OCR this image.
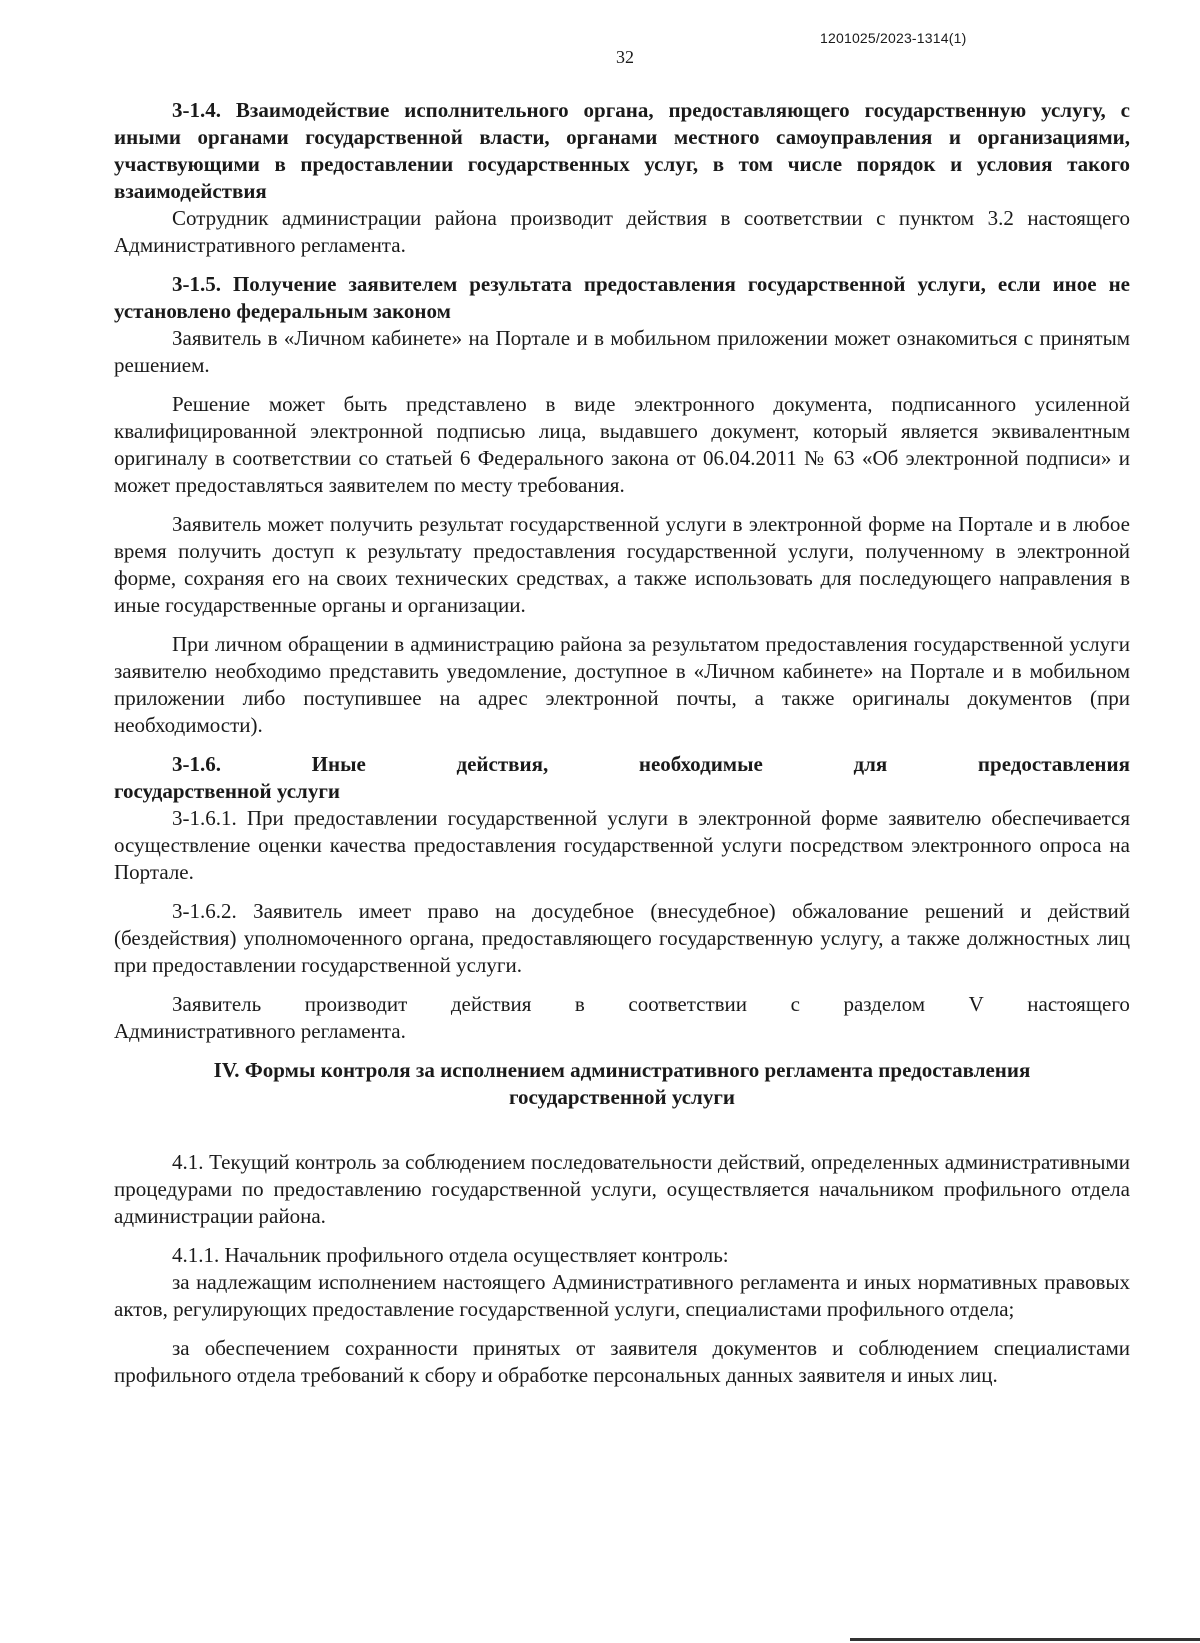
1201025/2023-1314(1)
32

3-1.4. Взаимодействие исполнительного органа, предоставляющего государственную услугу, с иными органами государственной власти, органами местного самоуправления и организациями, участвующими в предоставлении государственных услуг, в том числе порядок и условия такого взаимодействия

Сотрудник администрации района производит действия в соответствии с пунктом 3.2 настоящего Административного регламента.

3-1.5. Получение заявителем результата предоставления государственной услуги, если иное не установлено федеральным законом

Заявитель в «Личном кабинете» на Портале и в мобильном приложении может ознакомиться с принятым решением.

Решение может быть представлено в виде электронного документа, подписанного усиленной квалифицированной электронной подписью лица, выдавшего документ, который является эквивалентным оригиналу в соответствии со статьей 6 Федерального закона от 06.04.2011 № 63 «Об электронной подписи» и может предоставляться заявителем по месту требования.

Заявитель может получить результат государственной услуги в электронной форме на Портале и в любое время получить доступ к результату предоставления государственной услуги, полученному в электронной форме, сохраняя его на своих технических средствах, а также использовать для последующего направления в иные государственные органы и организации.

При личном обращении в администрацию района за результатом предоставления государственной услуги заявителю необходимо представить уведомление, доступное в «Личном кабинете» на Портале и в мобильном приложении либо поступившее на адрес электронной почты, а также оригиналы документов (при необходимости).

3-1.6.	Иные	действия,	необходимые	для	предоставления

государственной услуги

3-1.6.1. При предоставлении государственной услуги в электронной форме заявителю обеспечивается осуществление оценки качества предоставления государственной услуги посредством электронного опроса на Портале.

3-1.6.2. Заявитель имеет право на досудебное (внесудебное) обжалование решений и действий (бездействия) уполномоченного органа, предоставляющего государственную услугу, а также должностных лиц при предоставлении государственной услуги.

Заявитель производит действия в соответствии с разделом V настоящего

Административного регламента.

IV. Формы контроля за исполнением административного регламента предоставления государственной услуги

4.1. Текущий контроль за соблюдением последовательности действий, определенных административными процедурами по предоставлению государственной услуги, осуществляется начальником профильного отдела администрации района.

4.1.1. Начальник профильного отдела осуществляет контроль:

за надлежащим исполнением настоящего Административного регламента и иных нормативных правовых актов, регулирующих предоставление государственной услуги, специалистами профильного отдела;

за обеспечением сохранности принятых от заявителя документов и соблюдением специалистами профильного отдела требований к сбору и обработке персональных данных заявителя и иных лиц.
